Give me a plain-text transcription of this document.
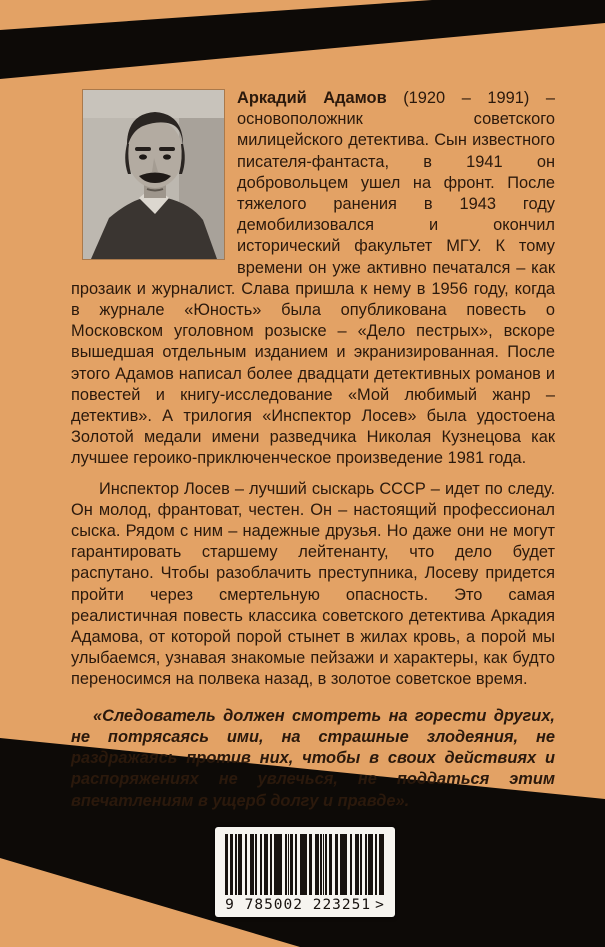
Аркадий Адамов (1920 – 1991) – основоположник советского милицейского детектива. Сын известного писателя-фантаста, в 1941 он добровольцем ушел на фронт. После тяжелого ранения в 1943 году демобилизовался и окончил исторический факультет МГУ. К тому времени он уже активно печатался – как прозаик и журналист. Слава пришла к нему в 1956 году, когда в журнале «Юность» была опубликована повесть о Московском уголовном розыске – «Дело пестрых», вскоре вышедшая отдельным изданием и экранизированная. После этого Адамов написал более двадцати детективных романов и повестей и книгу-исследование «Мой любимый жанр – детектив». А трилогия «Инспектор Лосев» была удостоена Золотой медали имени разведчика Николая Кузнецова как лучшее героико-приключенческое произведение 1981 года.

Инспектор Лосев – лучший сыскарь СССР – идет по следу. Он молод, франтоват, честен. Он – настоящий профессионал сыска. Рядом с ним – надежные друзья. Но даже они не могут гарантировать старшему лейтенанту, что дело будет распутано. Чтобы разоблачить преступника, Лосеву придется пройти через смертельную опасность. Это самая реалистичная повесть классика советского детектива Аркадия Адамова, от которой порой стынет в жилах кровь, а порой мы улыбаемся, узнавая знакомые пейзажи и характеры, как будто переносимся на полвека назад, в золотое советское время.

«Следователь должен смотреть на горести других, не потрясаясь ими, на страшные злодеяния, не раздражаясь против них, чтобы в своих действиях и распоряжениях не увлечься, не поддаться этим впечатлениям в ущерб долгу и правде».

9 785002 223251 >
